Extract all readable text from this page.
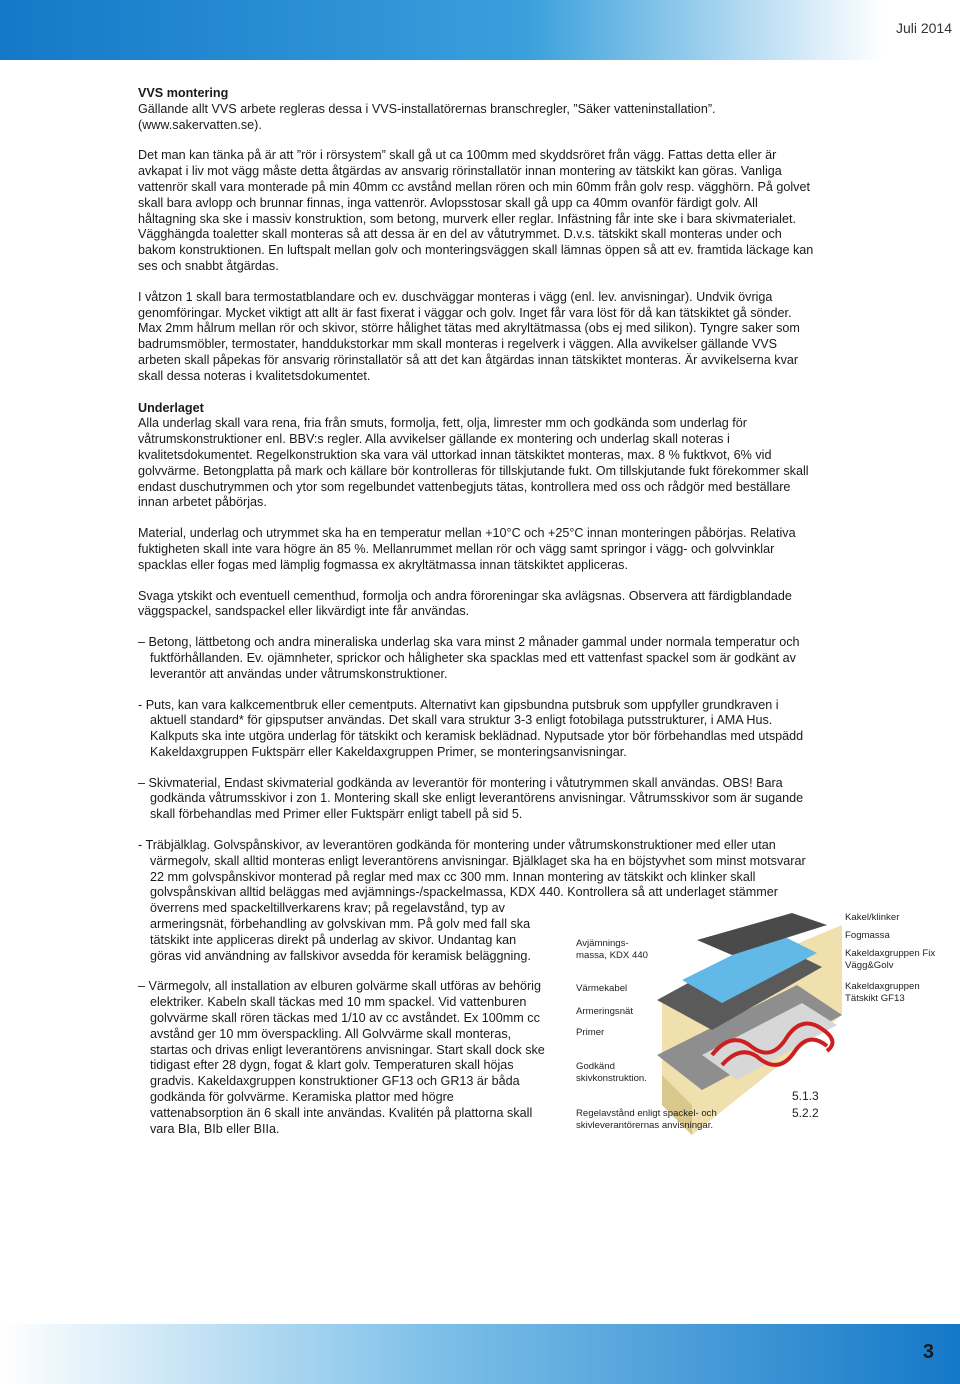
Juli 2014

VVS montering

Gällande allt VVS arbete regleras dessa i VVS-installatörernas branschregler, ”Säker vatteninstallation”. (www.sakervatten.se).

Det man kan tänka på är att ”rör i rörsystem” skall gå ut ca 100mm med skyddsröret från vägg. Fattas detta eller är avkapat i liv mot vägg måste detta åtgärdas av ansvarig rörinstallatör innan montering av tätskikt kan göras. Vanliga vattenrör skall vara monterade på min 40mm cc avstånd mellan rören och min 60mm från golv resp. vägghörn. På golvet skall bara avlopp och brunnar finnas, inga vattenrör. Avlopsstosar skall gå upp ca 40mm ovanför färdigt golv. All håltagning ska ske i massiv konstruktion, som betong, murverk eller reglar. Infästning får inte ske i bara skivmaterialet. Vägghängda toaletter skall monteras så att dessa är en del av våtutrymmet. D.v.s. tätskikt skall monteras under och bakom konstruktionen. En luftspalt mellan golv och monteringsväggen skall lämnas öppen så att ev. framtida läckage kan ses och snabbt åtgärdas.

I våtzon 1 skall bara termostatblandare och ev. duschväggar monteras i vägg (enl. lev. anvisningar). Undvik övriga genomföringar. Mycket viktigt att allt är fast fixerat i väggar och golv. Inget får vara löst för då kan tätskiktet gå sönder. Max 2mm hålrum mellan rör och skivor, större hålighet tätas med akryltätmassa (obs ej med silikon). Tyngre saker som badrumsmöbler, termostater, handdukstorkar mm skall monteras i regelverk i väggen. Alla avvikelser gällande VVS arbeten skall påpekas för ansvarig rörinstallatör så att det kan åtgärdas innan tätskiktet monteras. Är avvikelserna kvar skall dessa noteras i kvalitetsdokumentet.

Underlaget

Alla underlag skall vara rena, fria från smuts, formolja, fett, olja, limrester mm och godkända som underlag för våtrumskonstruktioner enl. BBV:s regler. Alla avvikelser gällande ex montering och underlag skall noteras i kvalitetsdokumentet. Regelkonstruktion ska vara väl uttorkad innan tätskiktet monteras, max. 8 % fuktkvot, 6% vid golvvärme. Betongplatta på mark och källare bör kontrolleras för tillskjutande fukt. Om tillskjutande fukt förekommer skall endast duschutrymmen och ytor som regelbundet vattenbegjuts tätas, kontrollera med oss och rådgör med beställare innan arbetet påbörjas.

Material, underlag och utrymmet ska ha en temperatur mellan +10°C och +25°C innan monteringen påbörjas. Relativa fuktigheten skall inte vara högre än 85 %. Mellanrummet mellan rör och vägg samt springor i vägg- och golvvinklar spacklas eller fogas med lämplig fogmassa ex akryltätmassa innan tätskiktet appliceras.

Svaga ytskikt och eventuell cementhud, formolja och andra föroreningar ska avlägsnas. Observera att färdigblandade väggspackel, sandspackel eller likvärdigt inte får användas.

– Betong, lättbetong och andra mineraliska underlag ska vara minst 2 månader gammal under normala temperatur och fuktförhållanden. Ev. ojämnheter, sprickor och håligheter ska spacklas med ett vattenfast spackel som är godkänt av leverantör att användas under våtrumskonstruktioner.

- Puts, kan vara kalkcementbruk eller cementputs. Alternativt kan gipsbundna putsbruk som uppfyller grundkraven i aktuell standard* för gipsputser användas. Det skall vara struktur 3-3 enligt fotobilaga putsstrukturer, i AMA Hus. Kalkputs ska inte utgöra underlag för tätskikt och keramisk beklädnad. Nyputsade ytor bör förbehandlas med utspädd Kakeldaxgruppen Fuktspärr eller Kakeldaxgruppen Primer, se monteringsanvisningar.

– Skivmaterial, Endast skivmaterial godkända av leverantör för montering i våtutrymmen skall användas. OBS! Bara godkända våtrumsskivor i zon 1. Montering skall ske enligt leverantörens anvisningar. Våtrumsskivor som är sugande skall förbehandlas med Primer eller Fuktspärr enligt tabell på sid 5.

- Träbjälklag. Golvspånskivor, av leverantören godkända för montering under våtrumskonstruktioner med eller utan värmegolv, skall alltid monteras enligt leverantörens anvisningar. Bjälklaget ska ha en böjstyvhet som minst motsvarar 22 mm golvspånskivor monterad på reglar med max cc 300 mm. Innan montering av tätskikt och klinker skall golvspånskivan alltid beläggas med avjämnings-/spackelmassa, KDX 440. Kontrollera så att underlaget stämmer överrens med spackeltillverkarens krav; på regelavstånd, typ av armeringsnät, förbehandling av golvskivan mm. På golv med fall ska tätskikt inte appliceras direkt på underlag av skivor. Undantag kan göras vid användning av fallskivor avsedda för keramisk beläggning.

– Värmegolv, all installation av elburen golvärme skall utföras av behörig elektriker. Kabeln skall täckas med 10 mm spackel. Vid vattenburen golvvärme skall rören täckas med 1/10 av cc avståndet. Ex 100mm cc avstånd ger 10 mm överspackling. All Golvvärme skall monteras, startas och drivas enligt leverantörens anvisningar. Start skall dock ske tidigast efter 28 dygn, fogat & klart golv. Temperaturen skall höjas gradvis. Kakeldaxgruppen konstruktioner GF13 och GR13 är båda godkända för golvvärme. Keramiska plattor med högre vattenabsorption än 6 skall inte användas. Kvalitén på plattorna skall vara BIa, BIb eller BIIa.

Avjämnings- massa, KDX 440
Värmekabel
Armeringsnät
Primer
Godkänd skivkonstruktion.
Regelavstånd enligt spackel- och skivleverantörernas anvisningar.
Kakel/klinker
Fogmassa
Kakeldaxgruppen Fix Vägg&Golv
Kakeldaxgruppen Tätskikt GF13
5.1.3
5.2.2
3
